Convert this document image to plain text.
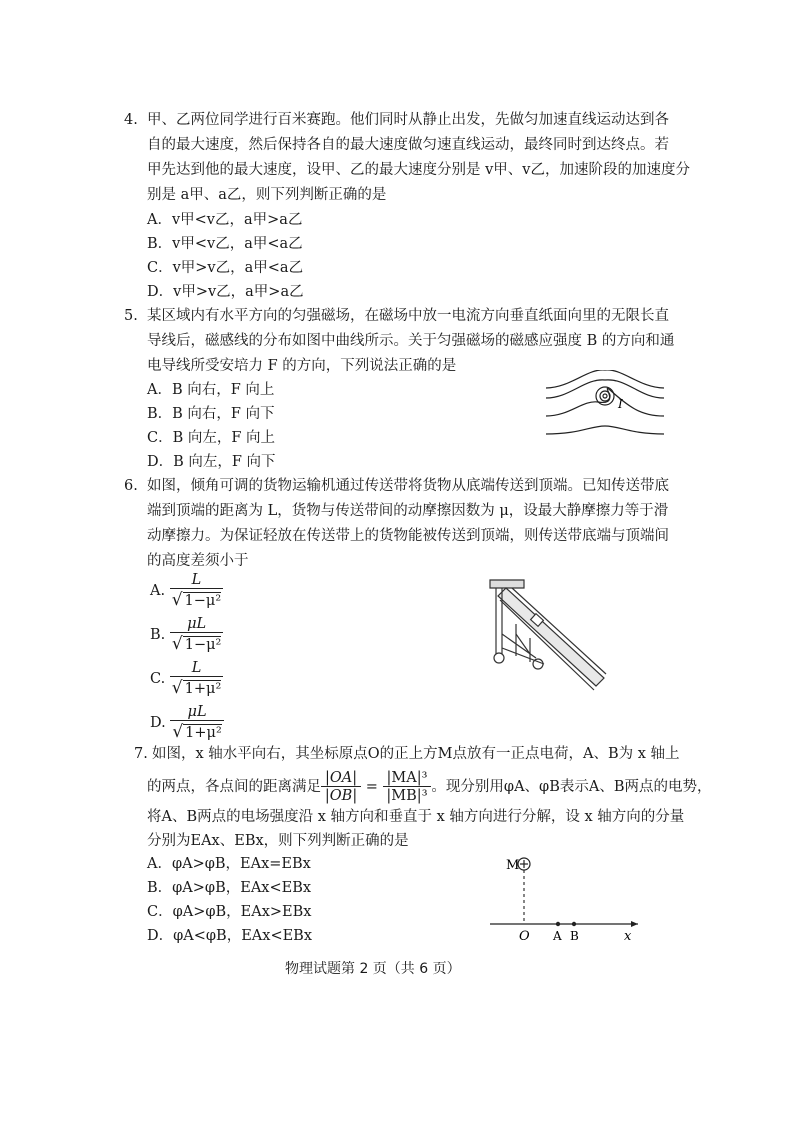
4. 甲、乙两位同学进行百米赛跑。他们同时从静止出发，先做匀加速直线运动达到各
自的最大速度，然后保持各自的最大速度做匀速直线运动，最终同时到达终点。若
甲先达到他的最大速度，设甲、乙的最大速度分别是 v甲、v乙，加速阶段的加速度分
别是 a甲、a乙，则下列判断正确的是
A．v甲<v乙，a甲>a乙
B．v甲<v乙，a甲<a乙
C．v甲>v乙，a甲<a乙
D．v甲>v乙，a甲>a乙
5. 某区域内有水平方向的匀强磁场，在磁场中放一电流方向垂直纸面向里的无限长直
导线后，磁感线的分布如图中曲线所示。关于匀强磁场的磁感应强度 B 的方向和通
电导线所受安培力 F 的方向，下列说法正确的是
A．B 向右，F 向上
B．B 向右，F 向下
C．B 向左，F 向上
D．B 向左，F 向下
I
6. 如图，倾角可调的货物运输机通过传送带将货物从底端传送到顶端。已知传送带底
端到顶端的距离为 L，货物与传送带间的动摩擦因数为 μ，设最大静摩擦力等于滑
动摩擦力。为保证轻放在传送带上的货物能被传送到顶端，则传送带底端与顶端间
的高度差须小于
A. $\frac{L}{\text{√ 1−μ²}}$
B. $\frac{\mu L}{\text{√ 1−μ²}}$
C. $\frac{L}{\text{√ 1+μ²}}$
D. $\frac{\mu L}{\text{√ 1+μ²}}$
7. 如图，x 轴水平向右，其坐标原点O的正上方M点放有一正点电荷，A、B为 x 轴上
的两点，各点间的距离满足 $\frac{|OA|}{|OB|} = \frac{\text{|MA|³}}{\text{|MB|³}}$ 。现分别用φA、φB表示A、B两点的电势，
将A、B两点的电场强度沿 x 轴方向和垂直于 x 轴方向进行分解，设 x 轴方向的分量
分别为EAx、EBx，则下列判断正确的是
A．φA>φB，EAx=EBx
B．φA>φB，EAx<EBx
C．φA>φB，EAx>EBx
D．φA<φB，EAx<EBx
M
O A B	x
物理试题第 2 页（共 6 页）
